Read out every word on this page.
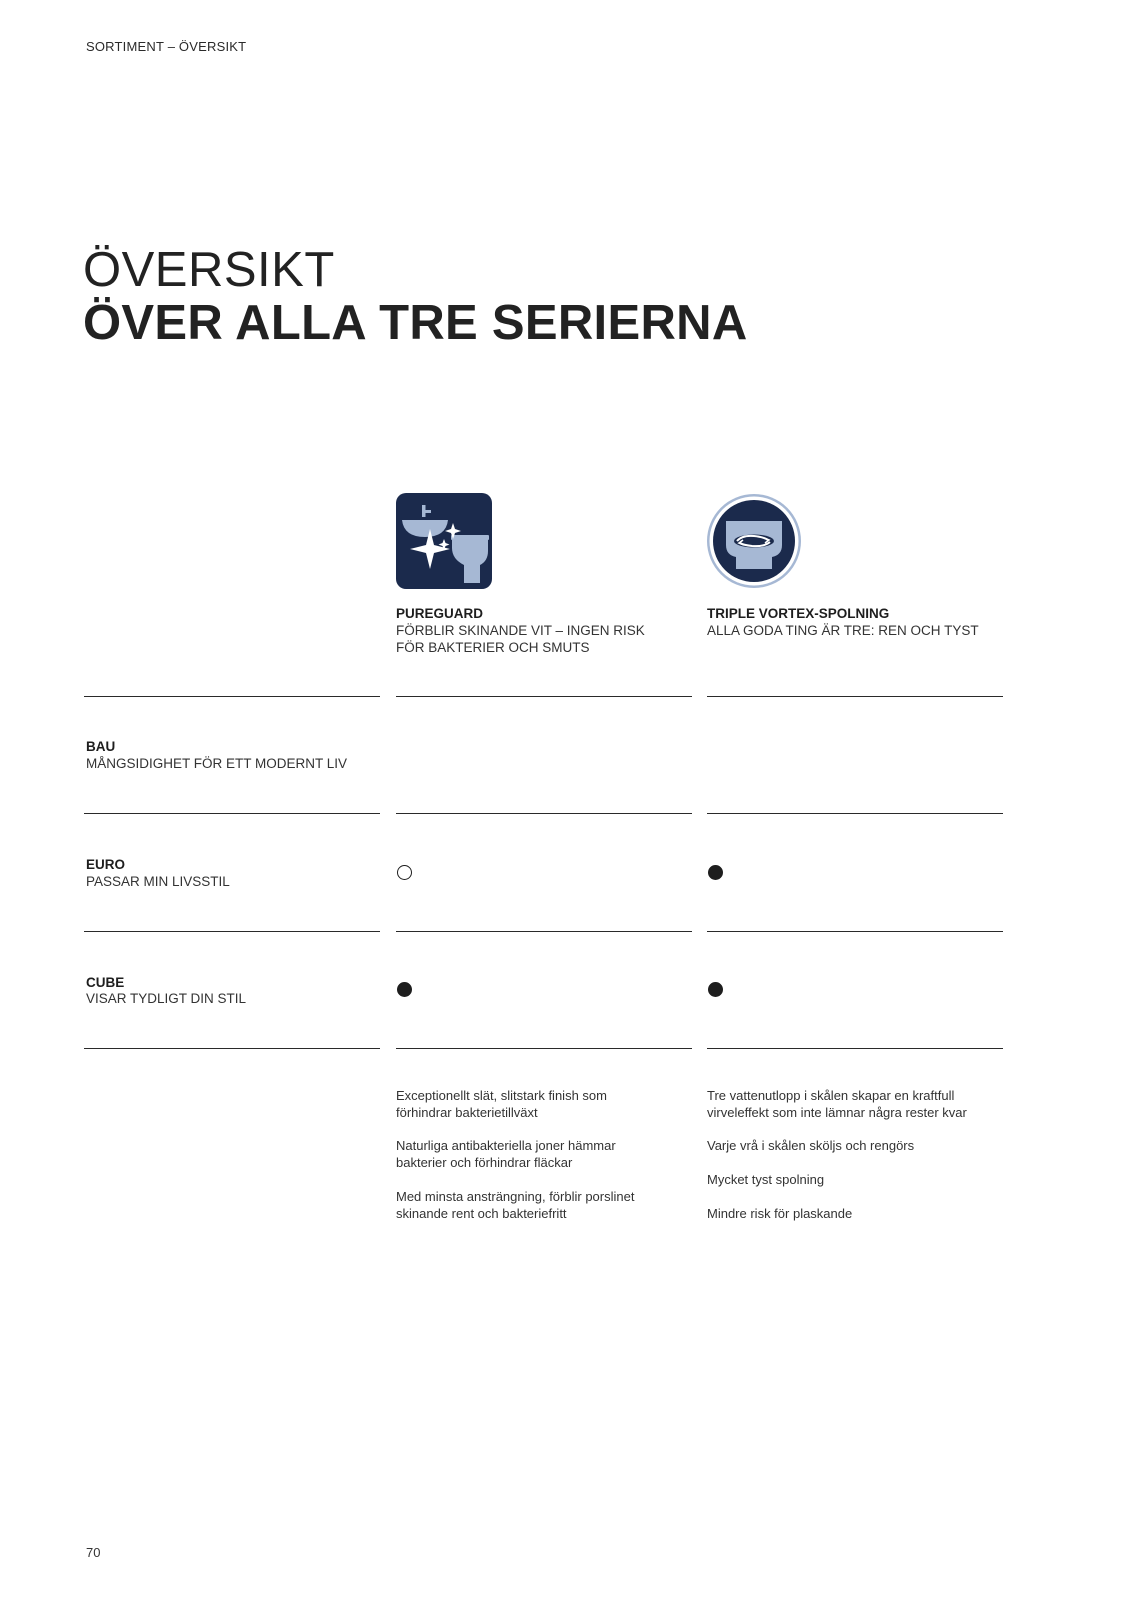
SORTIMENT – ÖVERSIKT
ÖVERSIKT
ÖVER ALLA TRE SERIERNA
PUREGUARD
FÖRBLIR SKINANDE VIT – INGEN RISK
FÖR BAKTERIER OCH SMUTS
TRIPLE VORTEX-SPOLNING
ALLA GODA TING ÄR TRE: REN OCH TYST
BAU
MÅNGSIDIGHET FÖR ETT MODERNT LIV
EURO
PASSAR MIN LIVSSTIL
CUBE
VISAR TYDLIGT DIN STIL
Exceptionellt slät, slitstark finish som
förhindrar bakterietillväxt
Naturliga antibakteriella joner hämmar
bakterier och förhindrar fläckar
Med minsta ansträngning, förblir porslinet
skinande rent och bakteriefritt
Tre vattenutlopp i skålen skapar en kraftfull
virveleffekt som inte lämnar några rester kvar
Varje vrå i skålen sköljs och rengörs
Mycket tyst spolning
Mindre risk för plaskande
70
